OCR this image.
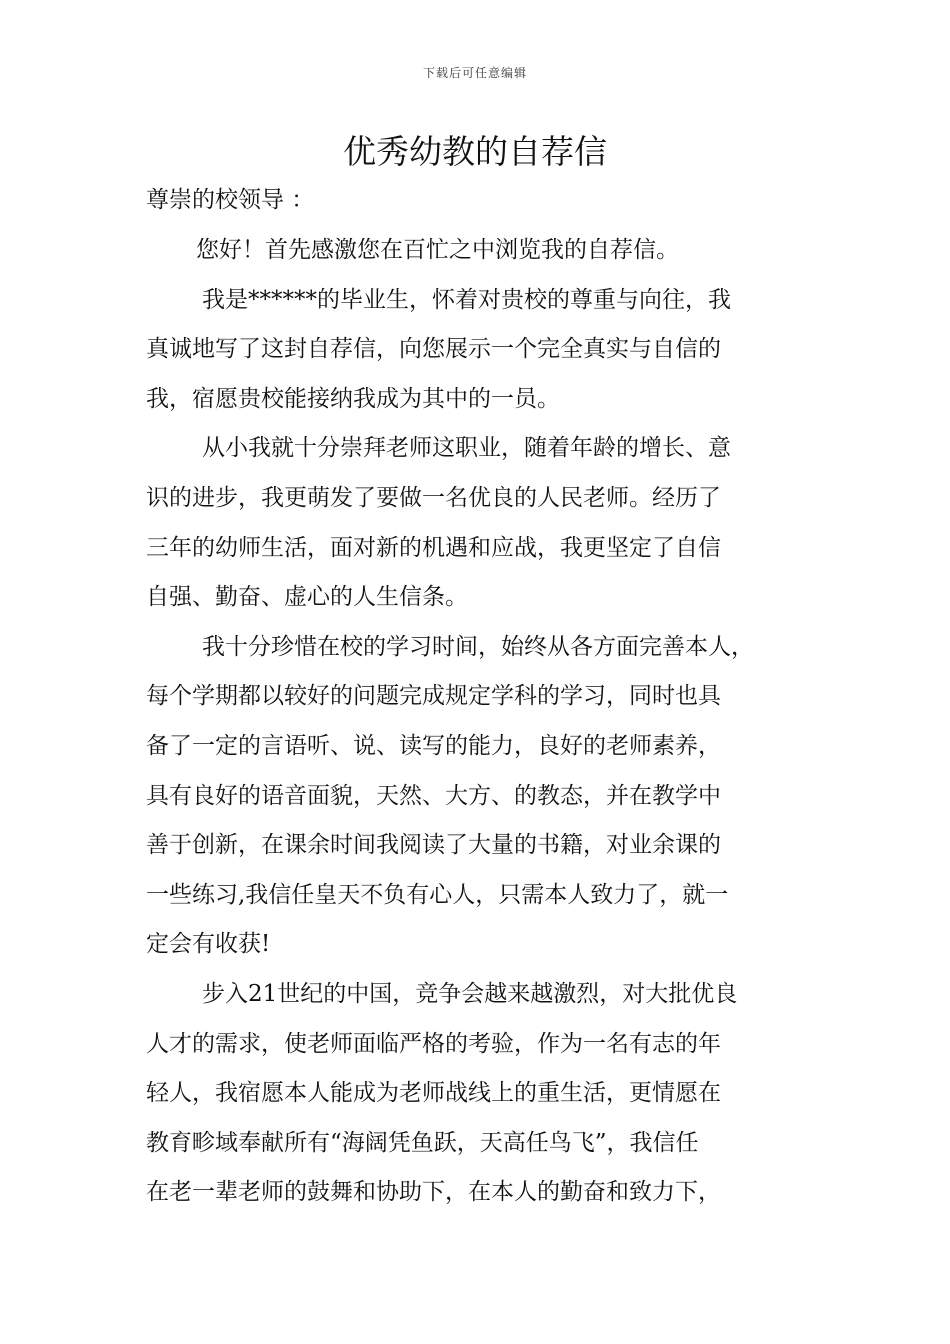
下载后可任意编辑
优秀幼教的自荐信

尊崇的校领导 ：

您好！首先感激您在百忙之中浏览我的自荐信。

我是******的毕业生，怀着对贵校的尊重与向往，我

真诚地写了这封自荐信，向您展示一个完全真实与自信的

我，宿愿贵校能接纳我成为其中的一员。

从小我就十分崇拜老师这职业，随着年龄的增长、意

识的进步，我更萌发了要做一名优良的人民老师。经历了

三年的幼师生活，面对新的机遇和应战，我更坚定了自信

自强、勤奋、虚心的人生信条。

我十分珍惜在校的学习时间，始终从各方面完善本人，

每个学期都以较好的问题完成规定学科的学习，同时也具

备了一定的言语听、说、读写的能力，良好的老师素养，

具有良好的语音面貌，天然、大方、的教态，并在教学中

善于创新，在课余时间我阅读了大量的书籍，对业余课的

一些练习,我信任皇天不负有心人，只需本人致力了，就一

定会有收获!

步入21世纪的中国，竞争会越来越激烈，对大批优良

人才的需求，使老师面临严格的考验，作为一名有志的年

轻人，我宿愿本人能成为老师战线上的重生活，更情愿在

教育畛域奉献所有“海阔凭鱼跃，天高任鸟飞”，我信任

在老一辈老师的鼓舞和协助下，在本人的勤奋和致力下，
